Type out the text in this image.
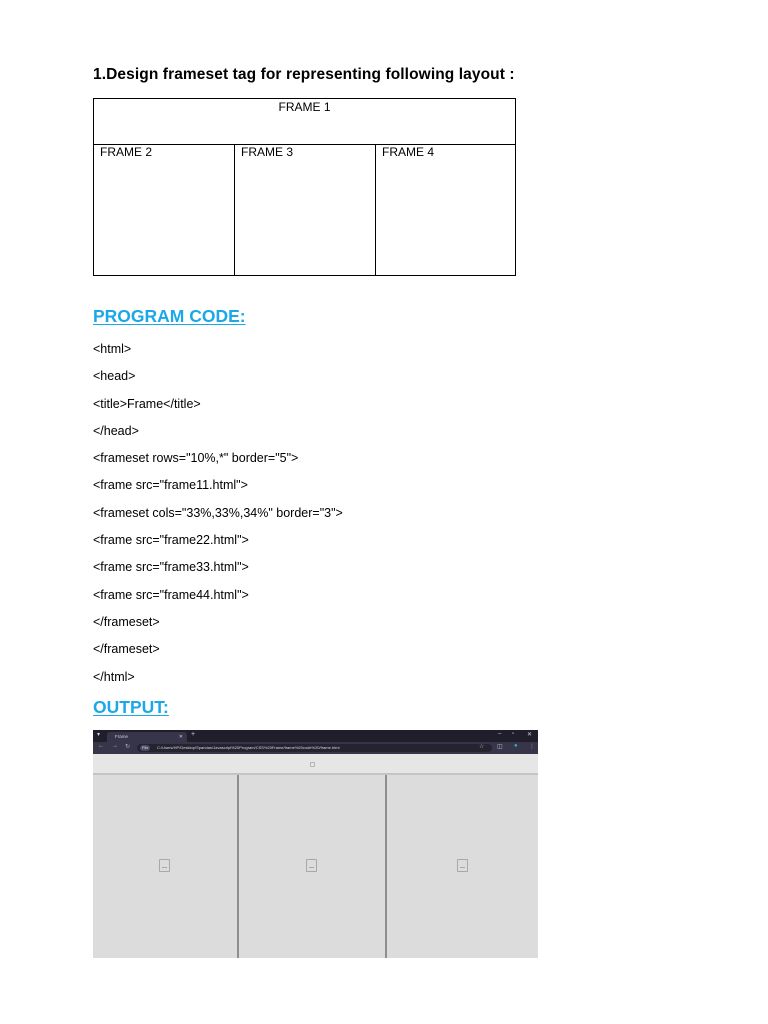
1.Design frameset tag for representing following layout :

FRAME 1
FRAME 2	FRAME 3	FRAME 4
PROGRAM CODE:
<html>
<head>
<title>Frame</title>
</head>
<frameset rows="10%,*" border="5">
<frame src="frame11.html">
<frameset cols="33%,33%,34%" border="3">
<frame src="frame22.html">
<frame src="frame33.html">
<frame src="frame44.html">
</frameset>
</frameset>
</html>
OUTPUT:
▾	Frame	✕ +	– ▫ ✕
← → ↻	File	C:/Users/HP/Desktop/Spandan/Javascript%20Program/CSS%20Frame/frame%20code%20/frame.html	☆ ◫ ● ⋮
